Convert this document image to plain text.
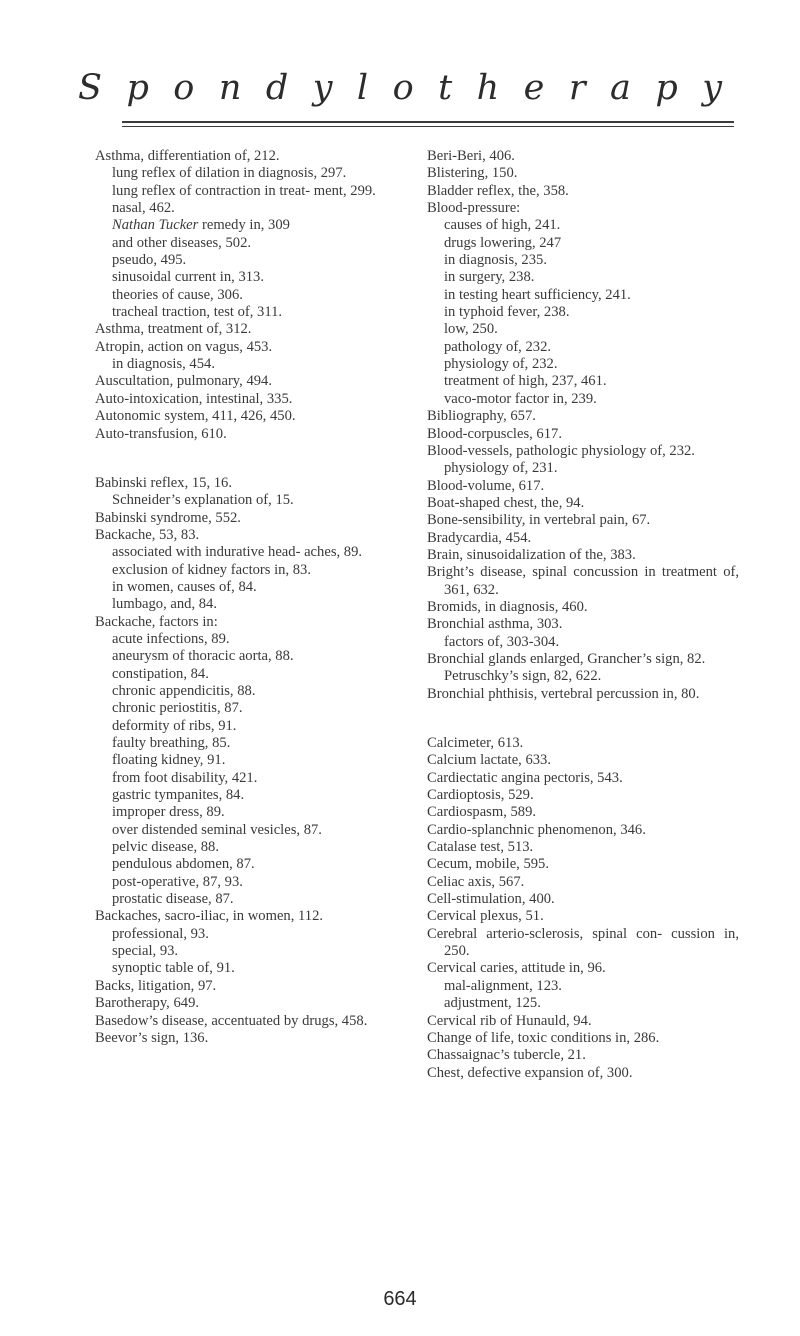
S p o n d y l o t h e r a p y

Asthma, differentiation of, 212.

lung reflex of dilation in diagnosis, 297.

lung reflex of contraction in treat- ment, 299.

nasal, 462.

Nathan Tucker remedy in, 309

and other diseases, 502.

pseudo, 495.

sinusoidal current in, 313.

theories of cause, 306.

tracheal traction, test of, 311.

Asthma, treatment of, 312.

Atropin, action on vagus, 453.

in diagnosis, 454.

Auscultation, pulmonary, 494.

Auto-intoxication, intestinal, 335.

Autonomic system, 411, 426, 450.

Auto-transfusion, 610.

Babinski reflex, 15, 16.

Schneider’s explanation of, 15.

Babinski syndrome, 552.

Backache, 53, 83.

associated with indurative head- aches, 89.

exclusion of kidney factors in, 83.

in women, causes of, 84.

lumbago, and, 84.

Backache, factors in:

acute infections, 89.

aneurysm of thoracic aorta, 88.

constipation, 84.

chronic appendicitis, 88.

chronic periostitis, 87.

deformity of ribs, 91.

faulty breathing, 85.

floating kidney, 91.

from foot disability, 421.

gastric tympanites, 84.

improper dress, 89.

over distended seminal vesicles, 87.

pelvic disease, 88.

pendulous abdomen, 87.

post-operative, 87, 93.

prostatic disease, 87.

Backaches, sacro-iliac, in women, 112.

professional, 93.

special, 93.

synoptic table of, 91.

Backs, litigation, 97.

Barotherapy, 649.

Basedow’s disease, accentuated by drugs, 458.

Beevor’s sign, 136.

Beri-Beri, 406.

Blistering, 150.

Bladder reflex, the, 358.

Blood-pressure:

causes of high, 241.

drugs lowering, 247

in diagnosis, 235.

in surgery, 238.

in testing heart sufficiency, 241.

in typhoid fever, 238.

low, 250.

pathology of, 232.

physiology of, 232.

treatment of high, 237, 461.

vaco-motor factor in, 239.

Bibliography, 657.

Blood-corpuscles, 617.

Blood-vessels, pathologic physiology of, 232.

physiology of, 231.

Blood-volume, 617.

Boat-shaped chest, the, 94.

Bone-sensibility, in vertebral pain, 67.

Bradycardia, 454.

Brain, sinusoidalization of the, 383.

Bright’s disease, spinal concussion in treatment of, 361, 632.

Bromids, in diagnosis, 460.

Bronchial asthma, 303.

factors of, 303-304.

Bronchial glands enlarged, Grancher’s sign, 82.

Petruschky’s sign, 82, 622.

Bronchial phthisis, vertebral percussion in, 80.

Calcimeter, 613.

Calcium lactate, 633.

Cardiectatic angina pectoris, 543.

Cardioptosis, 529.

Cardiospasm, 589.

Cardio-splanchnic phenomenon, 346.

Catalase test, 513.

Cecum, mobile, 595.

Celiac axis, 567.

Cell-stimulation, 400.

Cervical plexus, 51.

Cerebral arterio-sclerosis, spinal con- cussion in, 250.

Cervical caries, attitude in, 96.

mal-alignment, 123.

adjustment, 125.

Cervical rib of Hunauld, 94.

Change of life, toxic conditions in, 286.

Chassaignac’s tubercle, 21.

Chest, defective expansion of, 300.

664
